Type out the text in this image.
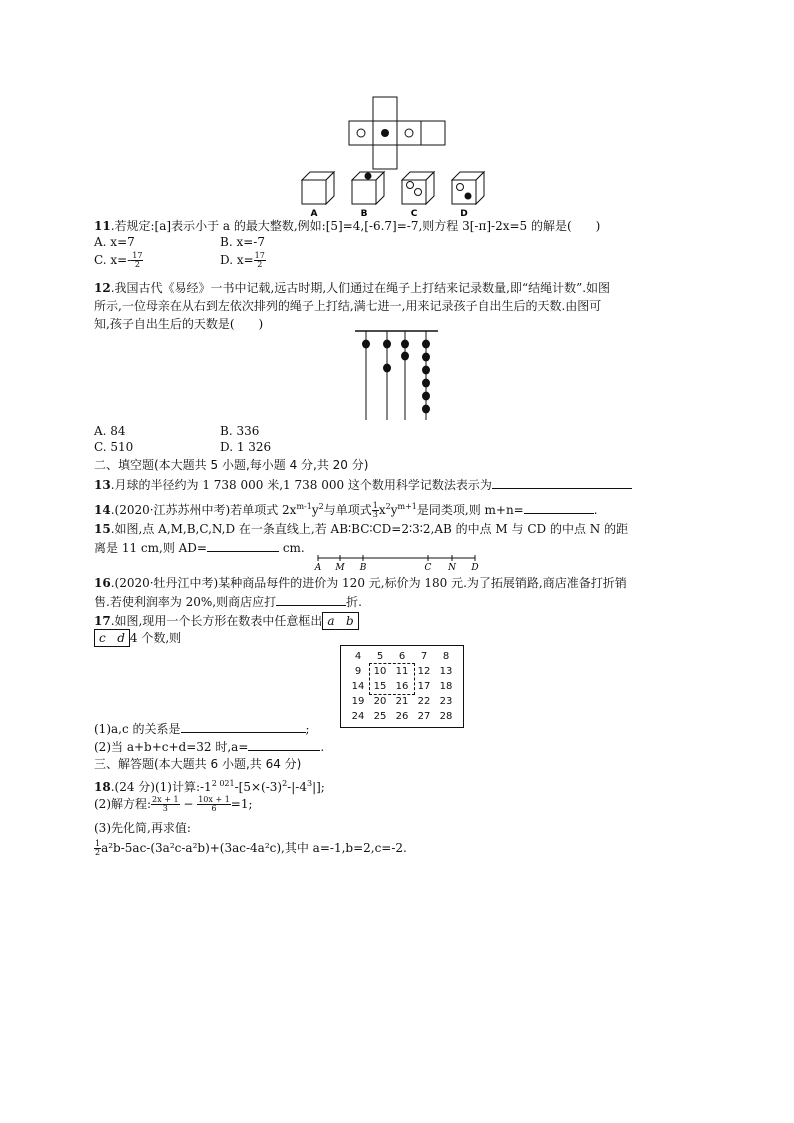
A	B	C	D
11.若规定:[a]表示小于 a 的最大整数,例如:[5]=4,[-6.7]=-7,则方程 3[-π]-2x=5 的解是(　　)
A. x=7	B. x=-7
C. $x=- \frac{17}{2}$	D. $x= \frac{17}{2}$
12.我国古代《易经》一书中记载,远古时期,人们通过在绳子上打结来记录数量,即“结绳计数”.如图
所示,一位母亲在从右到左依次排列的绳子上打结,满七进一,用来记录孩子自出生后的天数.由图可
知,孩子自出生后的天数是(　　)
A. 84	B. 336
C. 510	D. 1 326
二、填空题(本大题共 5 小题,每小题 4 分,共 20 分)
13.月球的半径约为 1 738 000 米,1 738 000 这个数用科学记数法表示为
14.(2020·江苏苏州中考)若单项式 $2x^{m-1}y^2$与单项式 $\frac{1}{3} x^2y^{m+1}$是同类项,则 m+n=	.
15.如图,点 A,M,B,C,N,D 在一条直线上,若 AB∶BC∶CD=2∶3∶2,AB 的中点 M 与 CD 的中点 N 的距
离是 11 cm,则 AD=	cm.
A M B	C N D
16.(2020·牡丹江中考)某种商品每件的进价为 120 元,标价为 180 元.为了拓展销路,商店准备打折销
售.若使利润率为 20%,则商店应打	折.
17.如图,现用一个长方形在数表中任意框出 a b
c d 4 个数,则
4	5	6	7	8
9	10	11	12	13
14	15	16	17	18
19	20	21	22	23
24	25	26	27	28
(1)a,c 的关系是	;
(2)当 a+b+c+d=32 时,a=	.
三、解答题(本大题共 6 小题,共 64 分)
18.(24 分)(1)计算$:-1^{2 021}-[5\times(-3)^2-|-4^3|]$;
(2)解方程: $\frac{2x + 1}{3} - \frac{10x + 1}{6} =1$;
(3)先化简,再求值:
$\frac{1}{2} a^2b-5ac-(3a^2c-a^2b)+(3ac-4a^2c)$,其中 a=-1,b=2,c=-2.
